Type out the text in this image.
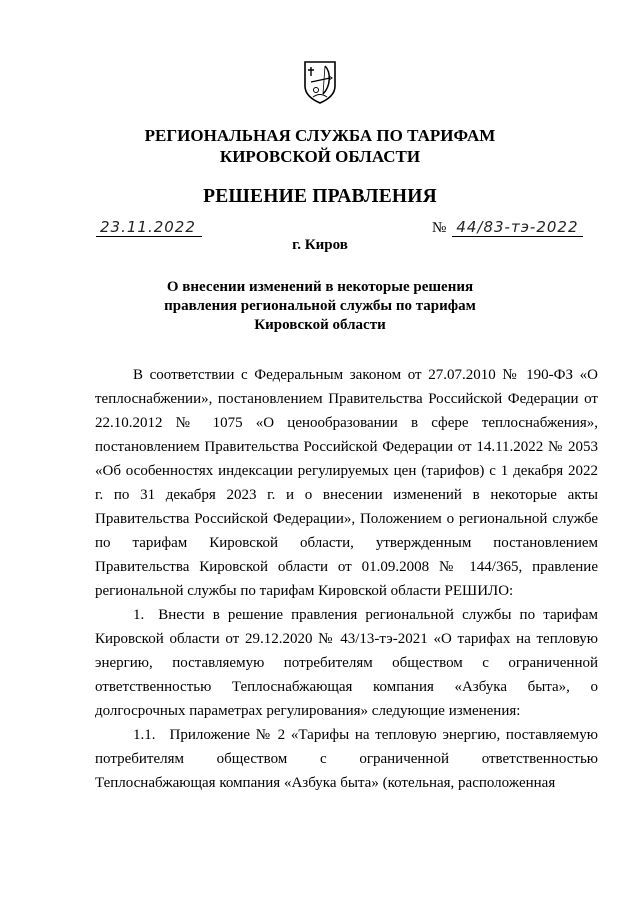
РЕГИОНАЛЬНАЯ СЛУЖБА ПО ТАРИФАМ
КИРОВСКОЙ ОБЛАСТИ
РЕШЕНИЕ ПРАВЛЕНИЯ
23.11.2022	№ 44/83-тэ-2022
г. Киров
О внесении изменений в некоторые решения
правления региональной службы по тарифам
Кировской области

В соответствии с Федеральным законом от 27.07.2010 № 190-ФЗ «О теплоснабжении», постановлением Правительства Российской Федерации от 22.10.2012 № 1075 «О ценообразовании в сфере теплоснабжения», постановлением Правительства Российской Федерации от 14.11.2022 № 2053 «Об особенностях индексации регулируемых цен (тарифов) с 1 декабря 2022 г. по 31 декабря 2023 г. и о внесении изменений в некоторые акты Правительства Российской Федерации», Положением о региональной службе по тарифам Кировской области, утвержденным постановлением Правительства Кировской области от 01.09.2008 № 144/365, правление региональной службы по тарифам Кировской области РЕШИЛО:

1. Внести в решение правления региональной службы по тарифам Кировской области от 29.12.2020 № 43/13-тэ-2021 «О тарифах на тепловую энергию, поставляемую потребителям обществом с ограниченной ответственностью Теплоснабжающая компания «Азбука быта», о долгосрочных параметрах регулирования» следующие изменения:

1.1. Приложение № 2 «Тарифы на тепловую энергию, поставляемую потребителям обществом с ограниченной ответственностью Теплоснабжающая компания «Азбука быта» (котельная, расположенная
